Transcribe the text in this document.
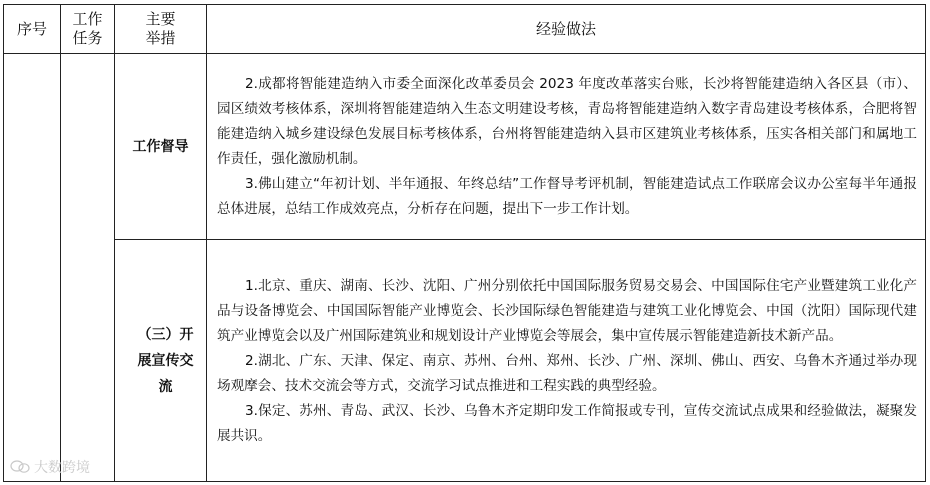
序号	工作任务	主要举措	经验做法
		工作督导	2.成都将智能建造纳入市委全面深化改革委员会 2023 年度改革落实台账，长沙将智能建造纳入各区县（市）、园区绩效考核体系，深圳将智能建造纳入生态文明建设考核，青岛将智能建造纳入数字青岛建设考核体系，合肥将智能建造纳入城乡建设绿色发展目标考核体系，台州将智能建造纳入县市区建筑业考核体系，压实各相关部门和属地工作责任，强化激励机制。

3.佛山建立“年初计划、半年通报、年终总结”工作督导考评机制，智能建造试点工作联席会议办公室每半年通报总体进展，总结工作成效亮点，分析存在问题，提出下一步工作计划。

		（三）开展宣传交流	1.北京、重庆、湖南、长沙、沈阳、广州分别依托中国国际服务贸易交易会、中国国际住宅产业暨建筑工业化产品与设备博览会、中国国际智能产业博览会、长沙国际绿色智能建造与建筑工业化博览会、中国（沈阳）国际现代建筑产业博览会以及广州国际建筑业和规划设计产业博览会等展会，集中宣传展示智能建造新技术新产品。

2.湖北、广东、天津、保定、南京、苏州、台州、郑州、长沙、广州、深圳、佛山、西安、乌鲁木齐通过举办现场观摩会、技术交流会等方式，交流学习试点推进和工程实践的典型经验。

3.保定、苏州、青岛、武汉、长沙、乌鲁木齐定期印发工作简报或专刊，宣传交流试点成果和经验做法，凝聚发展共识。

大数跨境
